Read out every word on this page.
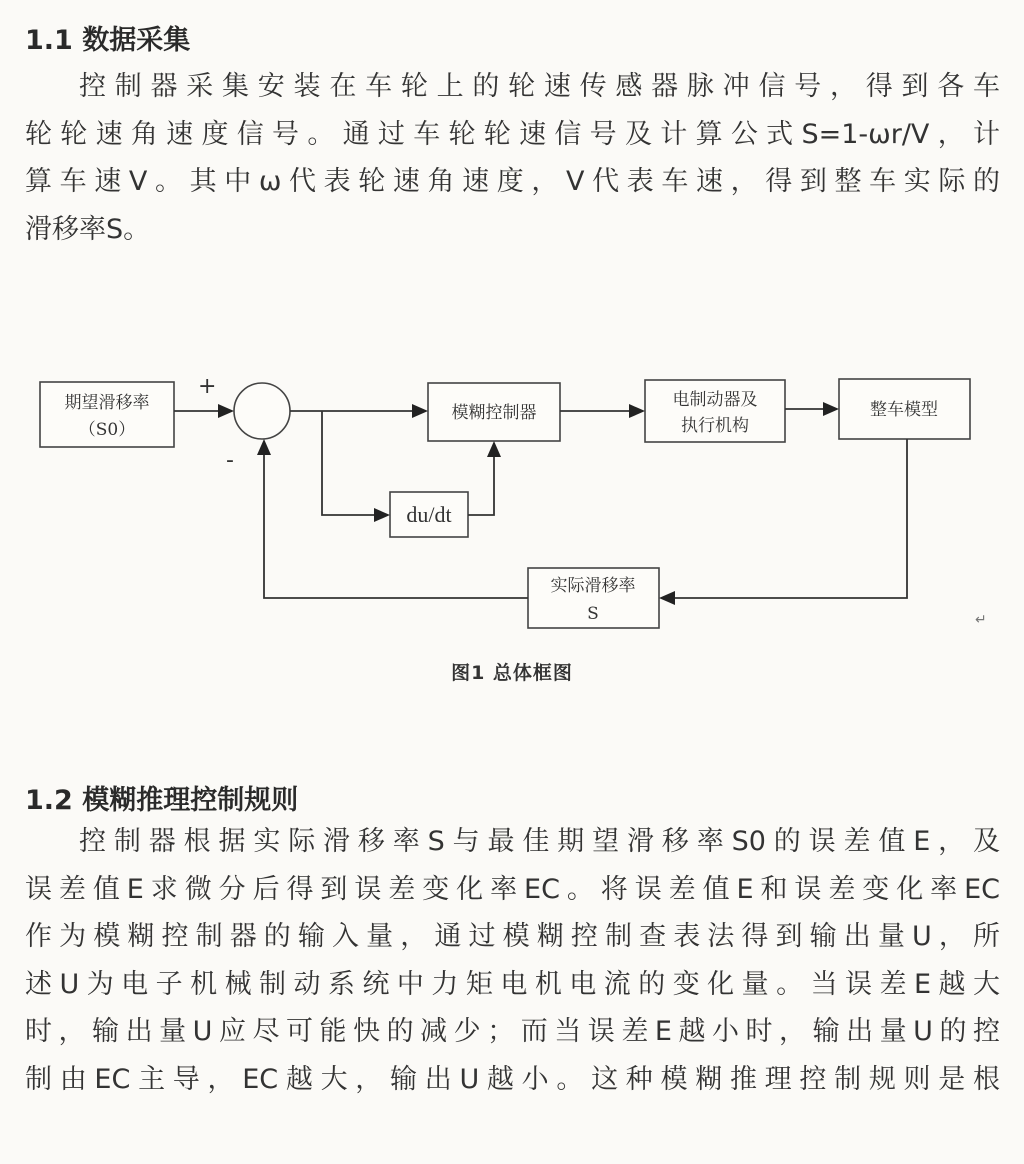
1.1 数据采集
控制器采集安装在车轮上的轮速传感器脉冲信号，得到各车
轮轮速角速度信号。通过车轮轮速信号及计算公式S=1-ωr/V，计
算车速V。其中ω代表轮速角速度，V代表车速，得到整车实际的
滑移率S。
期望滑移率
（S0）
+
-
模糊控制器
电制动器及
执行机构
整车模型
du/dt
实际滑移率
S	↵
图1 总体框图
1.2 模糊推理控制规则
控制器根据实际滑移率S与最佳期望滑移率S0的误差值E，及
误差值E求微分后得到误差变化率EC。将误差值E和误差变化率EC
作为模糊控制器的输入量，通过模糊控制查表法得到输出量U，所
述U为电子机械制动系统中力矩电机电流的变化量。当误差E越大
时，输出量U应尽可能快的减少；而当误差E越小时，输出量U的控
制由EC主导，EC越大，输出U越小。这种模糊推理控制规则是根
